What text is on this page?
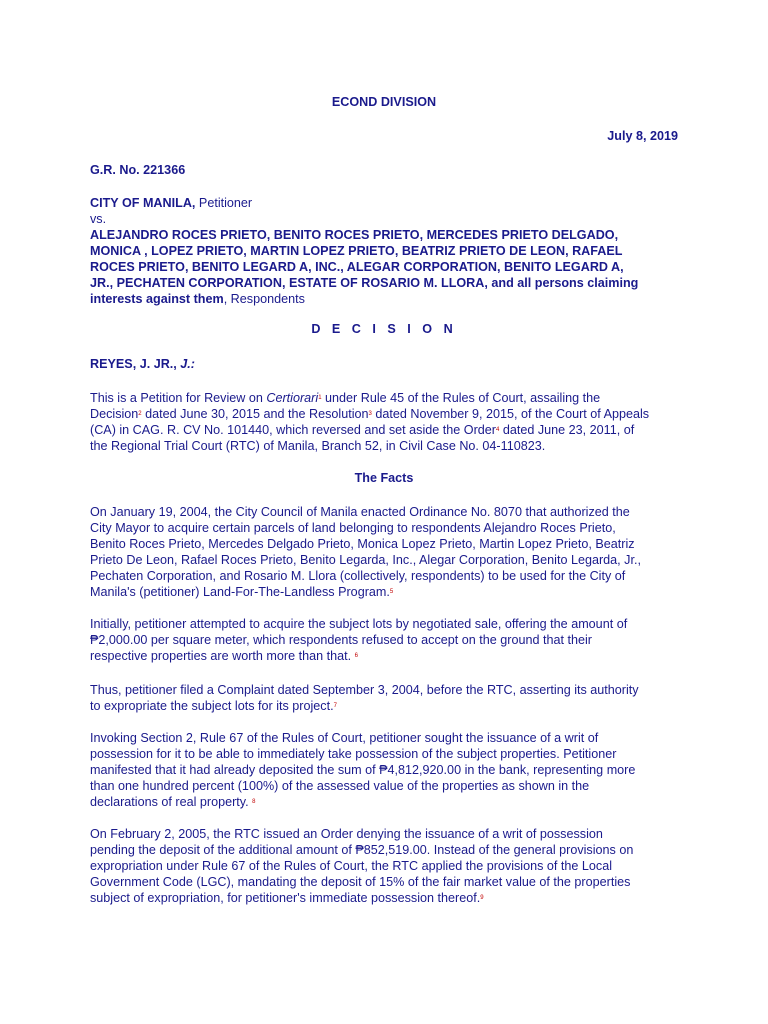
ECOND DIVISION
July 8, 2019
G.R. No. 221366
CITY OF MANILA, Petitioner
vs.
ALEJANDRO ROCES PRIETO, BENITO ROCES PRIETO, MERCEDES PRIETO DELGADO,
MONICA , LOPEZ PRIETO, MARTIN LOPEZ PRIETO, BEATRIZ PRIETO DE LEON, RAFAEL
ROCES PRIETO, BENITO LEGARD A, INC., ALEGAR CORPORATION, BENITO LEGARD A,
JR., PECHATEN CORPORATION, ESTATE OF ROSARIO M. LLORA, and all persons claiming
interests against them, Respondents
D E C I S I O N
REYES, J. JR., J.:

This is a Petition for Review on Certiorari$^1$ under Rule 45 of the Rules of Court, assailing the
Decision$^2$ dated June 30, 2015 and the Resolution$^3$ dated November 9, 2015, of the Court of Appeals
(CA) in CAG. R. CV No. 101440, which reversed and set aside the Order$^4$ dated June 23, 2011, of
the Regional Trial Court (RTC) of Manila, Branch 52, in Civil Case No. 04-110823.

The Facts

On January 19, 2004, the City Council of Manila enacted Ordinance No. 8070 that authorized the
City Mayor to acquire certain parcels of land belonging to respondents Alejandro Roces Prieto,
Benito Roces Prieto, Mercedes Delgado Prieto, Monica Lopez Prieto, Martin Lopez Prieto, Beatriz
Prieto De Leon, Rafael Roces Prieto, Benito Legarda, Inc., Alegar Corporation, Benito Legarda, Jr.,
Pechaten Corporation, and Rosario M. Llora (collectively, respondents) to be used for the City of
Manila's (petitioner) Land-For-The-Landless Program.$^5$

Initially, petitioner attempted to acquire the subject lots by negotiated sale, offering the amount of
₱2,000.00 per square meter, which respondents refused to accept on the ground that their
respective properties are worth more than that. $^6$

Thus, petitioner filed a Complaint dated September 3, 2004, before the RTC, asserting its authority
to expropriate the subject lots for its project.$^7$

Invoking Section 2, Rule 67 of the Rules of Court, petitioner sought the issuance of a writ of
possession for it to be able to immediately take possession of the subject properties. Petitioner
manifested that it had already deposited the sum of ₱4,812,920.00 in the bank, representing more
than one hundred percent (100%) of the assessed value of the properties as shown in the
declarations of real property. $^8$

On February 2, 2005, the RTC issued an Order denying the issuance of a writ of possession
pending the deposit of the additional amount of ₱852,519.00. Instead of the general provisions on
expropriation under Rule 67 of the Rules of Court, the RTC applied the provisions of the Local
Government Code (LGC), mandating the deposit of 15% of the fair market value of the properties
subject of expropriation, for petitioner's immediate possession thereof.$^9$
